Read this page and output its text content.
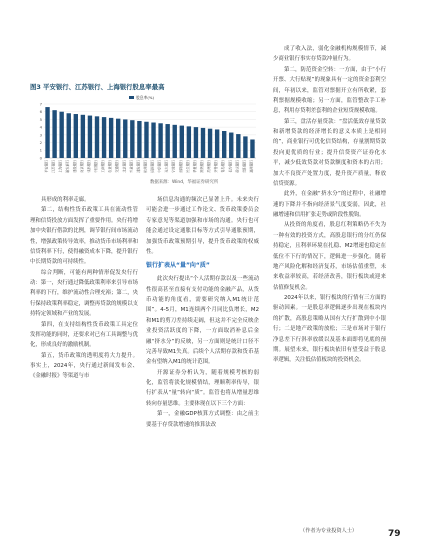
图3 平安银行、江苏银行、上海银行股息率最高
0
1
2
3
4
5
6
7
股息率(%)
平安银行 江苏银行 上海银行 渝农商行 建设银行 南京银行 成都银行 中国银行 工商银行 农业银行 交通银行 北京银行 兴业银行 浦发银行 杭州银行 招商银行 中信银行 光大银行 宁波银行 邮储银行 民生银行 华夏银行 常熟银行 苏州银行 齐鲁银行 青岛银行 长沙银行 重庆银行 贵阳银行 郑州银行
数据来源：Wind，华福证券研究所

具形成的利率走廊。

第二，结构性货币政策工具在流动性管理和信贷投放方面发挥了重要作用。央行将增加中央银行借款的比例，调节银行间市场流动性，增强政策传导效率，推动货币市场利率和信贷利率下行，使得融资成本下降，提升银行中长期贷款的可持续性。

综合判断，可能有两种情形促发央行行动：第一，央行通过降低政策利率来引导市场利率的下行，维护流动性合理充裕；第二，央行保持政策利率稳定，调整再贷款的规模以支持特定领域和产业的发展。

第四，在支持结构性货币政策工具定位发挥功能的同时，还要求对已有工具调整与优化，形成良好的激励机制。

第五，货币政策的透明度将大力提升。事实上，2024年，央行通过新闻发布会、《金融时报》等渠道与市

场信息沟通的频次已显著上升。未来央行可能会进一步通过工作论文、货币政策委员会专家意见等渠道加强和市场的沟通。央行也可能会通过设定通胀目标等方式引导通胀预期，加强货币政策预期引导，提升货币政策的权威性。

银行扩表从“量”向“质”

此次央行提出“个人活期存款以及一些流动性很高甚至直接有支付功能的金融产品，从货币功能的角度看，需要研究纳入M1统计范围”。4-5月，M1连续两个月同比负增长，M2和M1的剪刀差持续走阔，但这并不完全反映企业投资活跃度的下降，一方面取消补息后金融“挤水分”的反映，另一方面则是统计口径不完善导致M1失真。后续个人活期存款和货币基金有望纳入M1的统计范围。

开源证券分析认为，随着规模考核的弱化，监管将淡化规模情结，理顺利率传导，银行扩表从“量”转向“质”。监管也将从增量思维转向存量思维。主要体现在以下三个方面：

第一，金融GDP核算方式调整：由之前主要基于存贷款增速的推算法改

成了收入法，弱化金融机构规模情节，减少商业银行事实存贷款冲量行为。

第二，防范资金空转：一方面，由于“小行开票、大行贴现”的现象具有一定的资金套利空间，年初以来，监管对票据开立有所收紧，套利票据规模收缩；另一方面，监管整改手工补息，利用存贷利差套利的企业短贷规模收缩。

第三，盘活存量贷款：“盘活低效存量贷款和新增贷款的经济增长的意义本质上是相同的”，商业银行可优化信贷结构，存量割期贷款投向更优质的行业；提升信贷资产证券化水平，减少低效贷款对贷款额度和资本的占用；加大不良资产处置力度，提升资产质量，释放信贷资源。

此外，在金融“挤水分”的过程中，社融增速的下降并不指向经济景气度变弱，因此，社融增速和信用扩张走势或阶段性脱钩。

从投资的角度看，股息红利策略仍不失为一种有效的投资方式，高股息银行的分红仍保持稳定，且利率环境在扎稳、M2增速也稳定在低位不下行的情况下，逻辑进一步强化。随着地产风险化解和经济复苏，市场估值重塑，未来收益率较高，若经济改善，银行板块或迎来估值修复机会。

2024年以来，银行板块的行情有三方面的驱动因素。一是股息率逻辑逐步出现在板块内的扩散，高股息策略从国有大行扩散到中小银行；二是地产政策的放松；三是市场对于银行净息差下行斜率放缓以及基本面即将见底的预期。展望未来，银行板块依旧有望受益于股息率逻辑，关注低估值板块的投资机会。

（作者为专业投资人士）	79
